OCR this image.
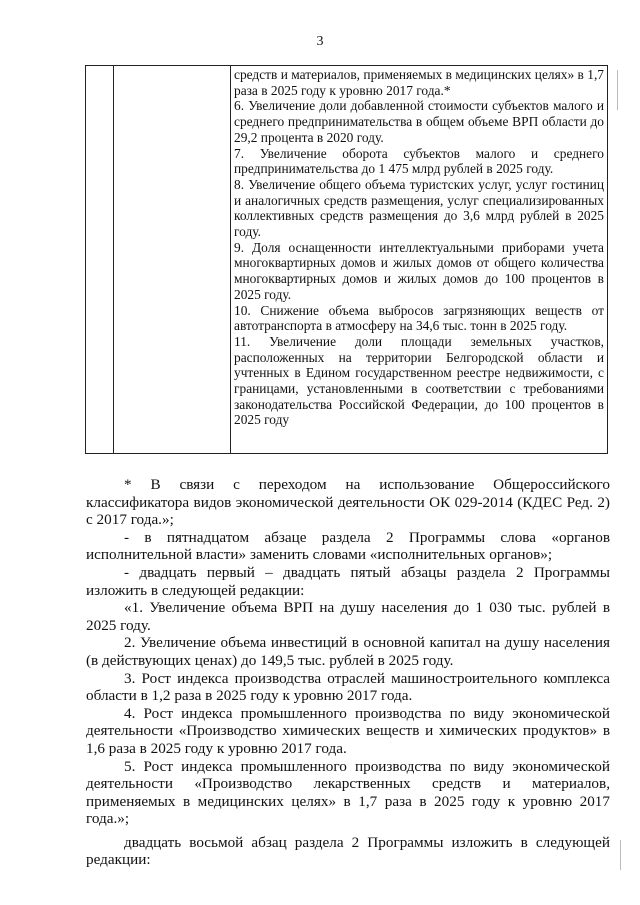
3

средств и материалов, применяемых в медицинских целях» в 1,7 раза в 2025 году к уровню 2017 года.*

6. Увеличение доли добавленной стоимости субъектов малого и среднего предпринимательства в общем объеме ВРП области до 29,2 процента в 2020 году.

7. Увеличение оборота субъектов малого и среднего предпринимательства до 1 475 млрд рублей в 2025 году.

8. Увеличение общего объема туристских услуг, услуг гостиниц и аналогичных средств размещения, услуг специализированных коллективных средств размещения до 3,6 млрд рублей в 2025 году.

9. Доля оснащенности интеллектуальными приборами учета многоквартирных домов и жилых домов от общего количества многоквартирных домов и жилых домов до 100 процентов в 2025 году.

10. Снижение объема выбросов загрязняющих веществ от автотранспорта в атмосферу на 34,6 тыс. тонн в 2025 году.

11. Увеличение доли площади земельных участков, расположенных на территории Белгородской области и учтенных в Едином государственном реестре недвижимости, с границами, установленными в соответствии с требованиями законодательства Российской Федерации, до 100 процентов в 2025 году

* В связи с переходом на использование Общероссийского классификатора видов экономической деятельности ОК 029-2014 (КДЕС Ред. 2) с 2017 года.»;

- в пятнадцатом абзаце раздела 2 Программы слова «органов исполнительной власти» заменить словами «исполнительных органов»;

- двадцать первый – двадцать пятый абзацы раздела 2 Программы изложить в следующей редакции:

«1. Увеличение объема ВРП на душу населения до 1 030 тыс. рублей в 2025 году.

2. Увеличение объема инвестиций в основной капитал на душу населения (в действующих ценах) до 149,5 тыс. рублей в 2025 году.

3. Рост индекса производства отраслей машиностроительного комплекса области в 1,2 раза в 2025 году к уровню 2017 года.

4. Рост индекса промышленного производства по виду экономической деятельности «Производство химических веществ и химических продуктов» в 1,6 раза в 2025 году к уровню 2017 года.

5. Рост индекса промышленного производства по виду экономической деятельности «Производство лекарственных средств и материалов, применяемых в медицинских целях» в 1,7 раза в 2025 году к уровню 2017 года.»;

двадцать восьмой абзац раздела 2 Программы изложить в следующей редакции:
